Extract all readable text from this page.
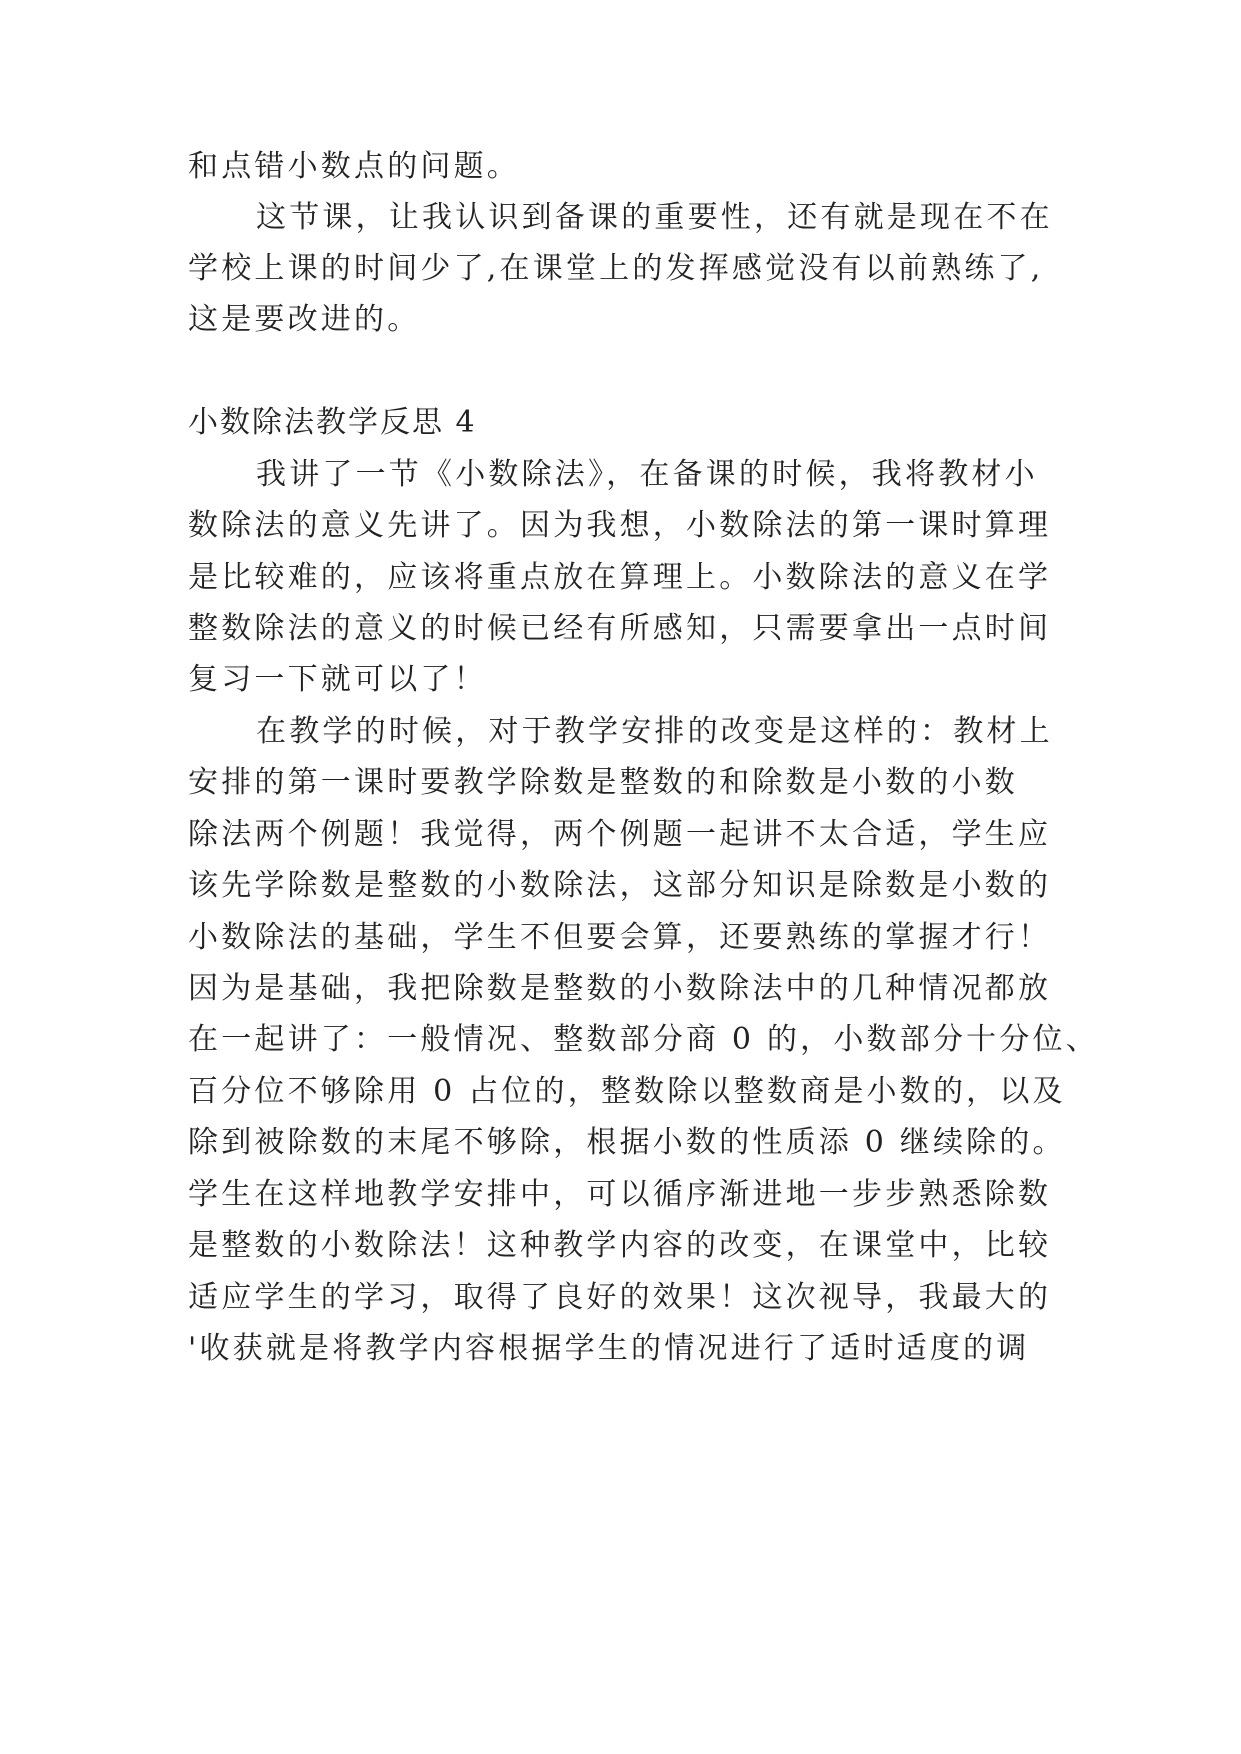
和点错小数点的问题。
这节课，让我认识到备课的重要性，还有就是现在不在
学校上课的时间少了,在课堂上的发挥感觉没有以前熟练了,
这是要改进的。
小数除法教学反思 4
我讲了一节《小数除法》，在备课的时候，我将教材小
数除法的意义先讲了。因为我想，小数除法的第一课时算理
是比较难的，应该将重点放在算理上。小数除法的意义在学
整数除法的意义的时候已经有所感知，只需要拿出一点时间
复习一下就可以了！
在教学的时候，对于教学安排的改变是这样的：教材上
安排的第一课时要教学除数是整数的和除数是小数的小数
除法两个例题！我觉得，两个例题一起讲不太合适，学生应
该先学除数是整数的小数除法，这部分知识是除数是小数的
小数除法的基础，学生不但要会算，还要熟练的掌握才行！
因为是基础，我把除数是整数的小数除法中的几种情况都放
在一起讲了：一般情况、整数部分商 0 的，小数部分十分位、
百分位不够除用 0 占位的，整数除以整数商是小数的，以及
除到被除数的末尾不够除，根据小数的性质添 0 继续除的。
学生在这样地教学安排中，可以循序渐进地一步步熟悉除数
是整数的小数除法！这种教学内容的改变，在课堂中，比较
适应学生的学习，取得了良好的效果！这次视导，我最大的
'收获就是将教学内容根据学生的情况进行了适时适度的调
